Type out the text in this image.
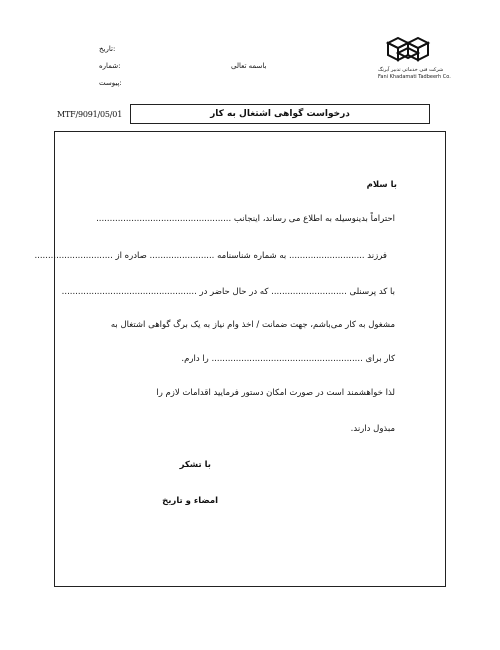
تاریخ:
شماره:
پیوست:
باسمه تعالی	شرکت فنی خدماتی تدبیر آبرنگ
Fani Khadamati Tadbeerh Co.
MTF/9091/05/01	درخواست گواهی اشتغال به کار
با سلام
احتراماً بدینوسیله به اطلاع می رساند، اینجانب ..................................................
فرزند ............................ به شماره شناسنامه ........................ صادره از .............................
با کد پرسنلی ............................ که در حال حاضر در ..................................................
مشغول به کار می‌باشم، جهت ضمانت / اخذ وام نیاز به یک برگ گواهی اشتغال به
کار برای ........................................................ را دارم.
لذا خواهشمند است در صورت امکان دستور فرمایید اقدامات لازم را
مبذول دارند.
با تشکر
امضاء و تاریخ
